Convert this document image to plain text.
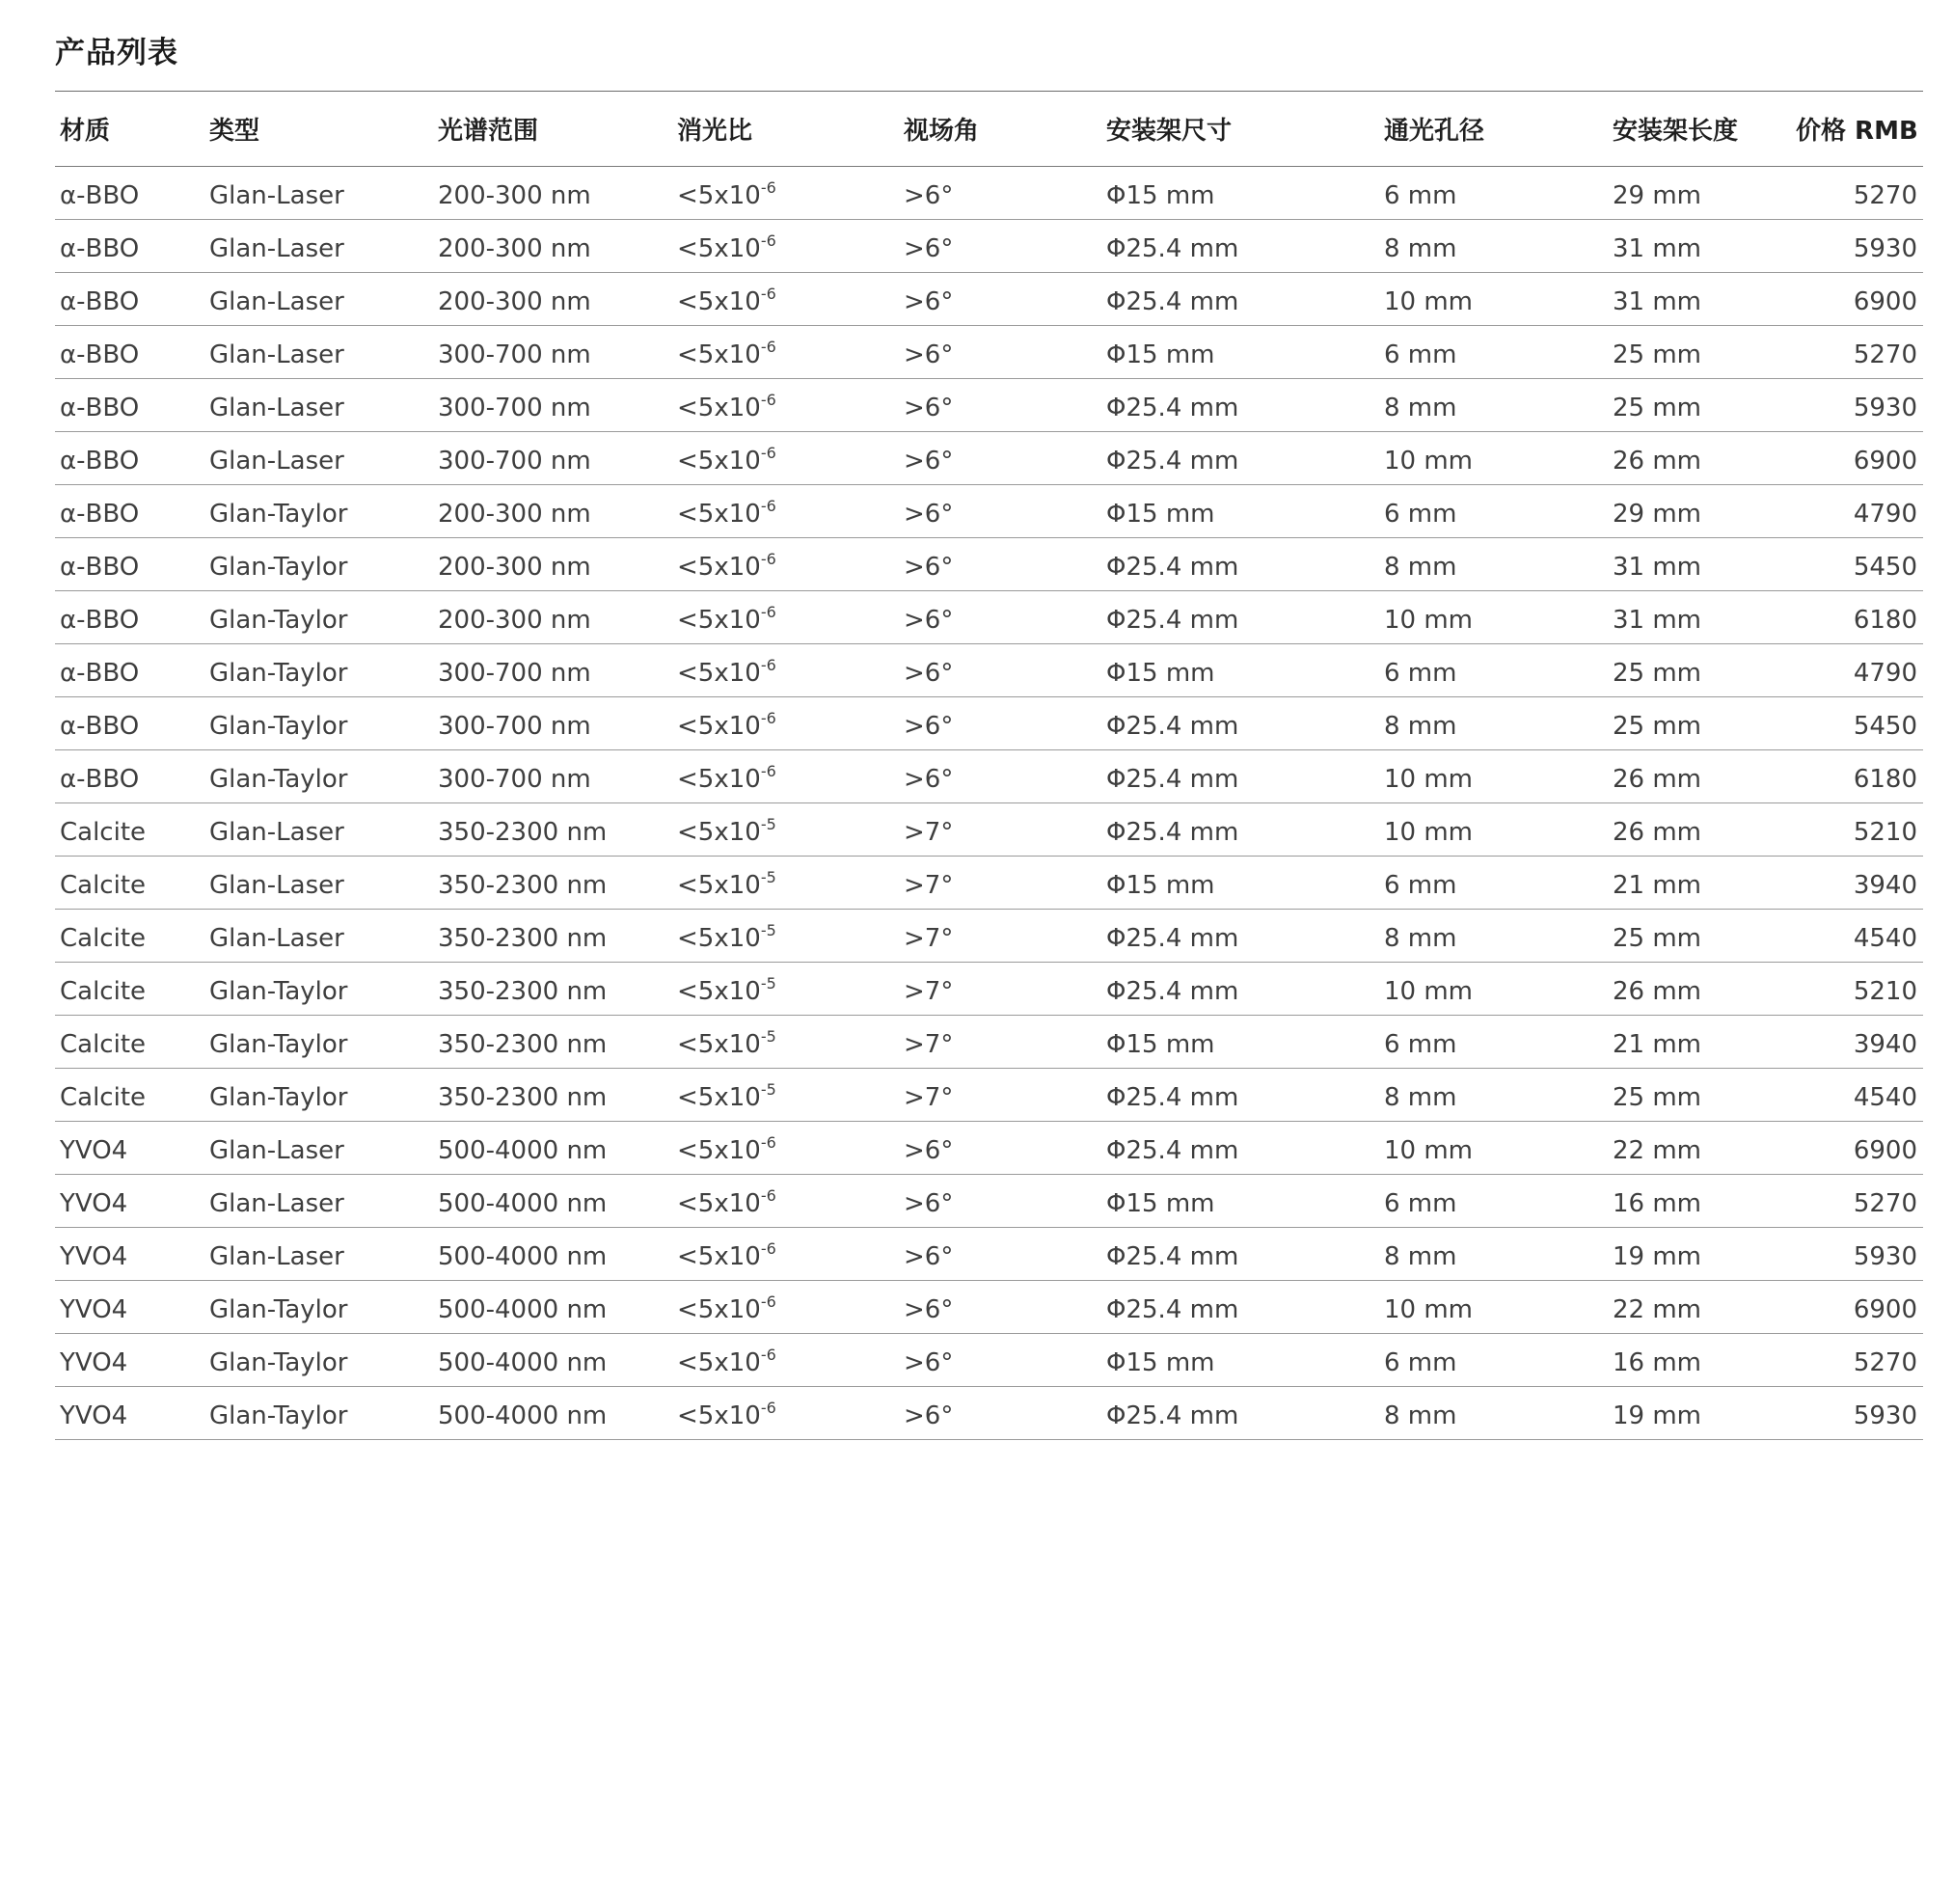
产品列表
材质	类型	光谱范围	消光比	视场角	安装架尺寸	通光孔径	安装架长度	价格 RMB
α-BBO	Glan-Laser	200-300 nm	$<5x10^{-6}$	>6°	Φ15 mm	6 mm	29 mm	5270
α-BBO	Glan-Laser	200-300 nm	$<5x10^{-6}$	>6°	Φ25.4 mm	8 mm	31 mm	5930
α-BBO	Glan-Laser	200-300 nm	$<5x10^{-6}$	>6°	Φ25.4 mm	10 mm	31 mm	6900
α-BBO	Glan-Laser	300-700 nm	$<5x10^{-6}$	>6°	Φ15 mm	6 mm	25 mm	5270
α-BBO	Glan-Laser	300-700 nm	$<5x10^{-6}$	>6°	Φ25.4 mm	8 mm	25 mm	5930
α-BBO	Glan-Laser	300-700 nm	$<5x10^{-6}$	>6°	Φ25.4 mm	10 mm	26 mm	6900
α-BBO	Glan-Taylor	200-300 nm	$<5x10^{-6}$	>6°	Φ15 mm	6 mm	29 mm	4790
α-BBO	Glan-Taylor	200-300 nm	$<5x10^{-6}$	>6°	Φ25.4 mm	8 mm	31 mm	5450
α-BBO	Glan-Taylor	200-300 nm	$<5x10^{-6}$	>6°	Φ25.4 mm	10 mm	31 mm	6180
α-BBO	Glan-Taylor	300-700 nm	$<5x10^{-6}$	>6°	Φ15 mm	6 mm	25 mm	4790
α-BBO	Glan-Taylor	300-700 nm	$<5x10^{-6}$	>6°	Φ25.4 mm	8 mm	25 mm	5450
α-BBO	Glan-Taylor	300-700 nm	$<5x10^{-6}$	>6°	Φ25.4 mm	10 mm	26 mm	6180
Calcite	Glan-Laser	350-2300 nm	$<5x10^{-5}$	>7°	Φ25.4 mm	10 mm	26 mm	5210
Calcite	Glan-Laser	350-2300 nm	$<5x10^{-5}$	>7°	Φ15 mm	6 mm	21 mm	3940
Calcite	Glan-Laser	350-2300 nm	$<5x10^{-5}$	>7°	Φ25.4 mm	8 mm	25 mm	4540
Calcite	Glan-Taylor	350-2300 nm	$<5x10^{-5}$	>7°	Φ25.4 mm	10 mm	26 mm	5210
Calcite	Glan-Taylor	350-2300 nm	$<5x10^{-5}$	>7°	Φ15 mm	6 mm	21 mm	3940
Calcite	Glan-Taylor	350-2300 nm	$<5x10^{-5}$	>7°	Φ25.4 mm	8 mm	25 mm	4540
YVO4	Glan-Laser	500-4000 nm	$<5x10^{-6}$	>6°	Φ25.4 mm	10 mm	22 mm	6900
YVO4	Glan-Laser	500-4000 nm	$<5x10^{-6}$	>6°	Φ15 mm	6 mm	16 mm	5270
YVO4	Glan-Laser	500-4000 nm	$<5x10^{-6}$	>6°	Φ25.4 mm	8 mm	19 mm	5930
YVO4	Glan-Taylor	500-4000 nm	$<5x10^{-6}$	>6°	Φ25.4 mm	10 mm	22 mm	6900
YVO4	Glan-Taylor	500-4000 nm	$<5x10^{-6}$	>6°	Φ15 mm	6 mm	16 mm	5270
YVO4	Glan-Taylor	500-4000 nm	$<5x10^{-6}$	>6°	Φ25.4 mm	8 mm	19 mm	5930
